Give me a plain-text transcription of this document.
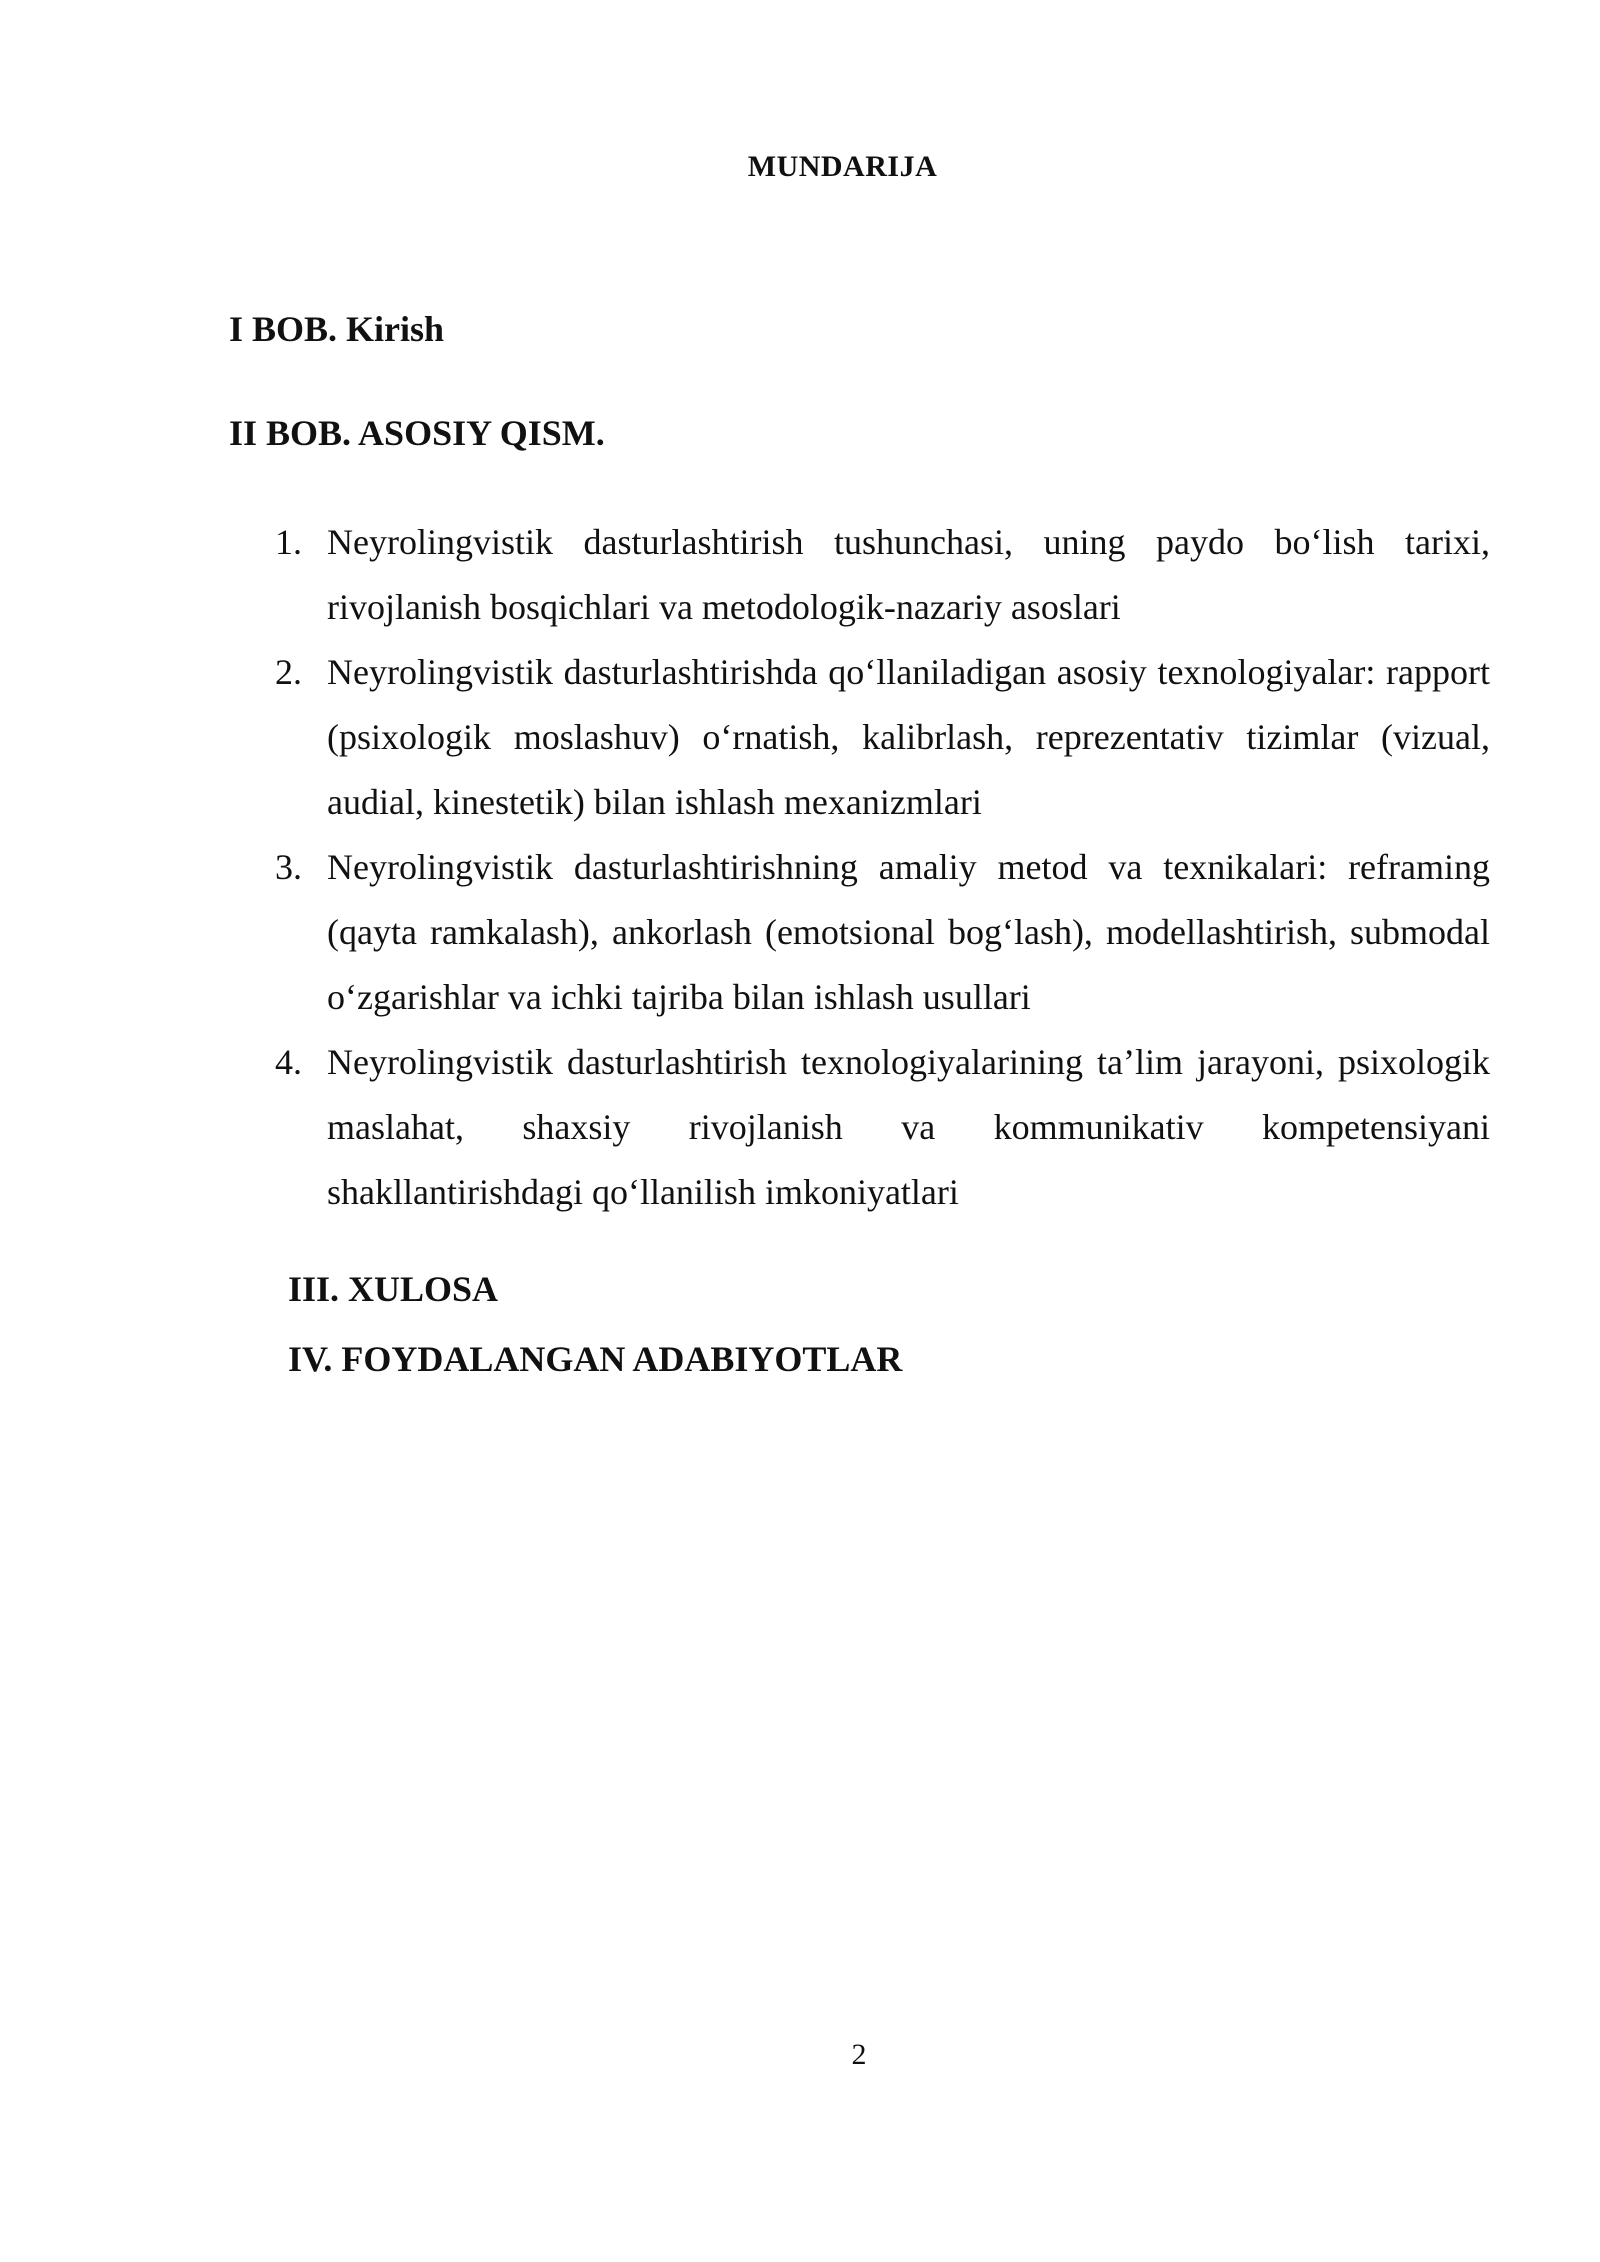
MUNDARIJA
I BOB. Kirish
II BOB. ASOSIY QISM.
1. Neyrolingvistik dasturlashtirish tushunchasi, uning paydo bo‘lish tarixi, rivojlanish bosqichlari va metodologik-nazariy asoslari
2. Neyrolingvistik dasturlashtirishda qo‘llaniladigan asosiy texnologiyalar: rapport (psixologik moslashuv) o‘rnatish, kalibrlash, reprezentativ tizimlar (vizual, audial, kinestetik) bilan ishlash mexanizmlari
3. Neyrolingvistik dasturlashtirishning amaliy metod va texnikalari: reframing (qayta ramkalash), ankorlash (emotsional bog‘lash), modellashtirish, submodal o‘zgarishlar va ichki tajriba bilan ishlash usullari
4. Neyrolingvistik dasturlashtirish texnologiyalarining ta’lim jarayoni, psixologik maslahat, shaxsiy rivojlanish va kommunikativ kompetensiyani shakllantirishdagi qo‘llanilish imkoniyatlari
III. XULOSA
IV. FOYDALANGAN ADABIYOTLAR
2
